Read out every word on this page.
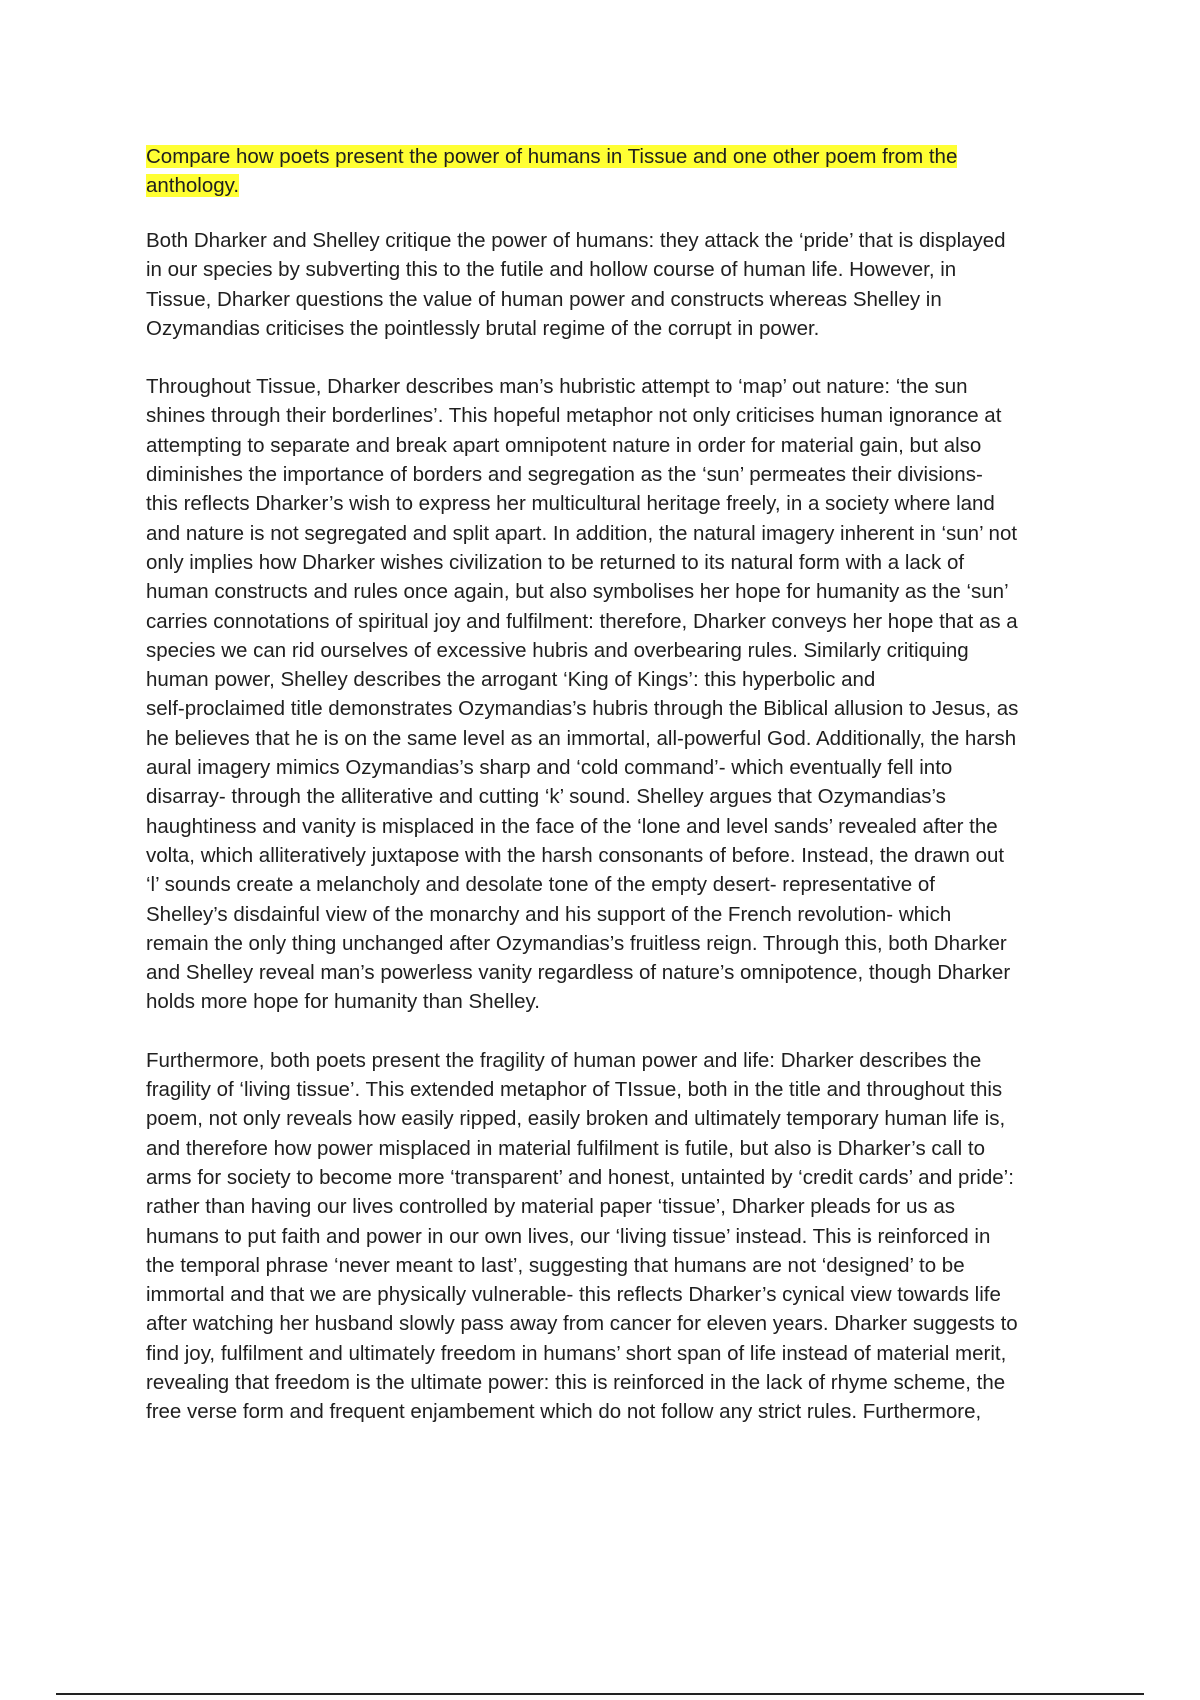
Compare how poets present the power of humans in Tissue and one other poem from the
anthology.

Both Dharker and Shelley critique the power of humans: they attack the ‘pride’ that is displayed
in our species by subverting this to the futile and hollow course of human life. However, in
Tissue, Dharker questions the value of human power and constructs whereas Shelley in
Ozymandias criticises the pointlessly brutal regime of the corrupt in power.

Throughout Tissue, Dharker describes man’s hubristic attempt to ‘map’ out nature: ‘the sun
shines through their borderlines’. This hopeful metaphor not only criticises human ignorance at
attempting to separate and break apart omnipotent nature in order for material gain, but also
diminishes the importance of borders and segregation as the ‘sun’ permeates their divisions-
this reflects Dharker’s wish to express her multicultural heritage freely, in a society where land
and nature is not segregated and split apart. In addition, the natural imagery inherent in ‘sun’ not
only implies how Dharker wishes civilization to be returned to its natural form with a lack of
human constructs and rules once again, but also symbolises her hope for humanity as the ‘sun’
carries connotations of spiritual joy and fulfilment: therefore, Dharker conveys her hope that as a
species we can rid ourselves of excessive hubris and overbearing rules. Similarly critiquing
human power, Shelley describes the arrogant ‘King of Kings’: this hyperbolic and
self-proclaimed title demonstrates Ozymandias’s hubris through the Biblical allusion to Jesus, as
he believes that he is on the same level as an immortal, all-powerful God. Additionally, the harsh
aural imagery mimics Ozymandias’s sharp and ‘cold command’- which eventually fell into
disarray- through the alliterative and cutting ‘k’ sound. Shelley argues that Ozymandias’s
haughtiness and vanity is misplaced in the face of the ‘lone and level sands’ revealed after the
volta, which alliteratively juxtapose with the harsh consonants of before. Instead, the drawn out
‘l’ sounds create a melancholy and desolate tone of the empty desert- representative of
Shelley’s disdainful view of the monarchy and his support of the French revolution- which
remain the only thing unchanged after Ozymandias’s fruitless reign. Through this, both Dharker
and Shelley reveal man’s powerless vanity regardless of nature’s omnipotence, though Dharker
holds more hope for humanity than Shelley.

Furthermore, both poets present the fragility of human power and life: Dharker describes the
fragility of ‘living tissue’. This extended metaphor of TIssue, both in the title and throughout this
poem, not only reveals how easily ripped, easily broken and ultimately temporary human life is,
and therefore how power misplaced in material fulfilment is futile, but also is Dharker’s call to
arms for society to become more ‘transparent’ and honest, untainted by ‘credit cards’ and pride’:
rather than having our lives controlled by material paper ‘tissue’, Dharker pleads for us as
humans to put faith and power in our own lives, our ‘living tissue’ instead. This is reinforced in
the temporal phrase ‘never meant to last’, suggesting that humans are not ‘designed’ to be
immortal and that we are physically vulnerable- this reflects Dharker’s cynical view towards life
after watching her husband slowly pass away from cancer for eleven years. Dharker suggests to
find joy, fulfilment and ultimately freedom in humans’ short span of life instead of material merit,
revealing that freedom is the ultimate power: this is reinforced in the lack of rhyme scheme, the
free verse form and frequent enjambement which do not follow any strict rules. Furthermore,
